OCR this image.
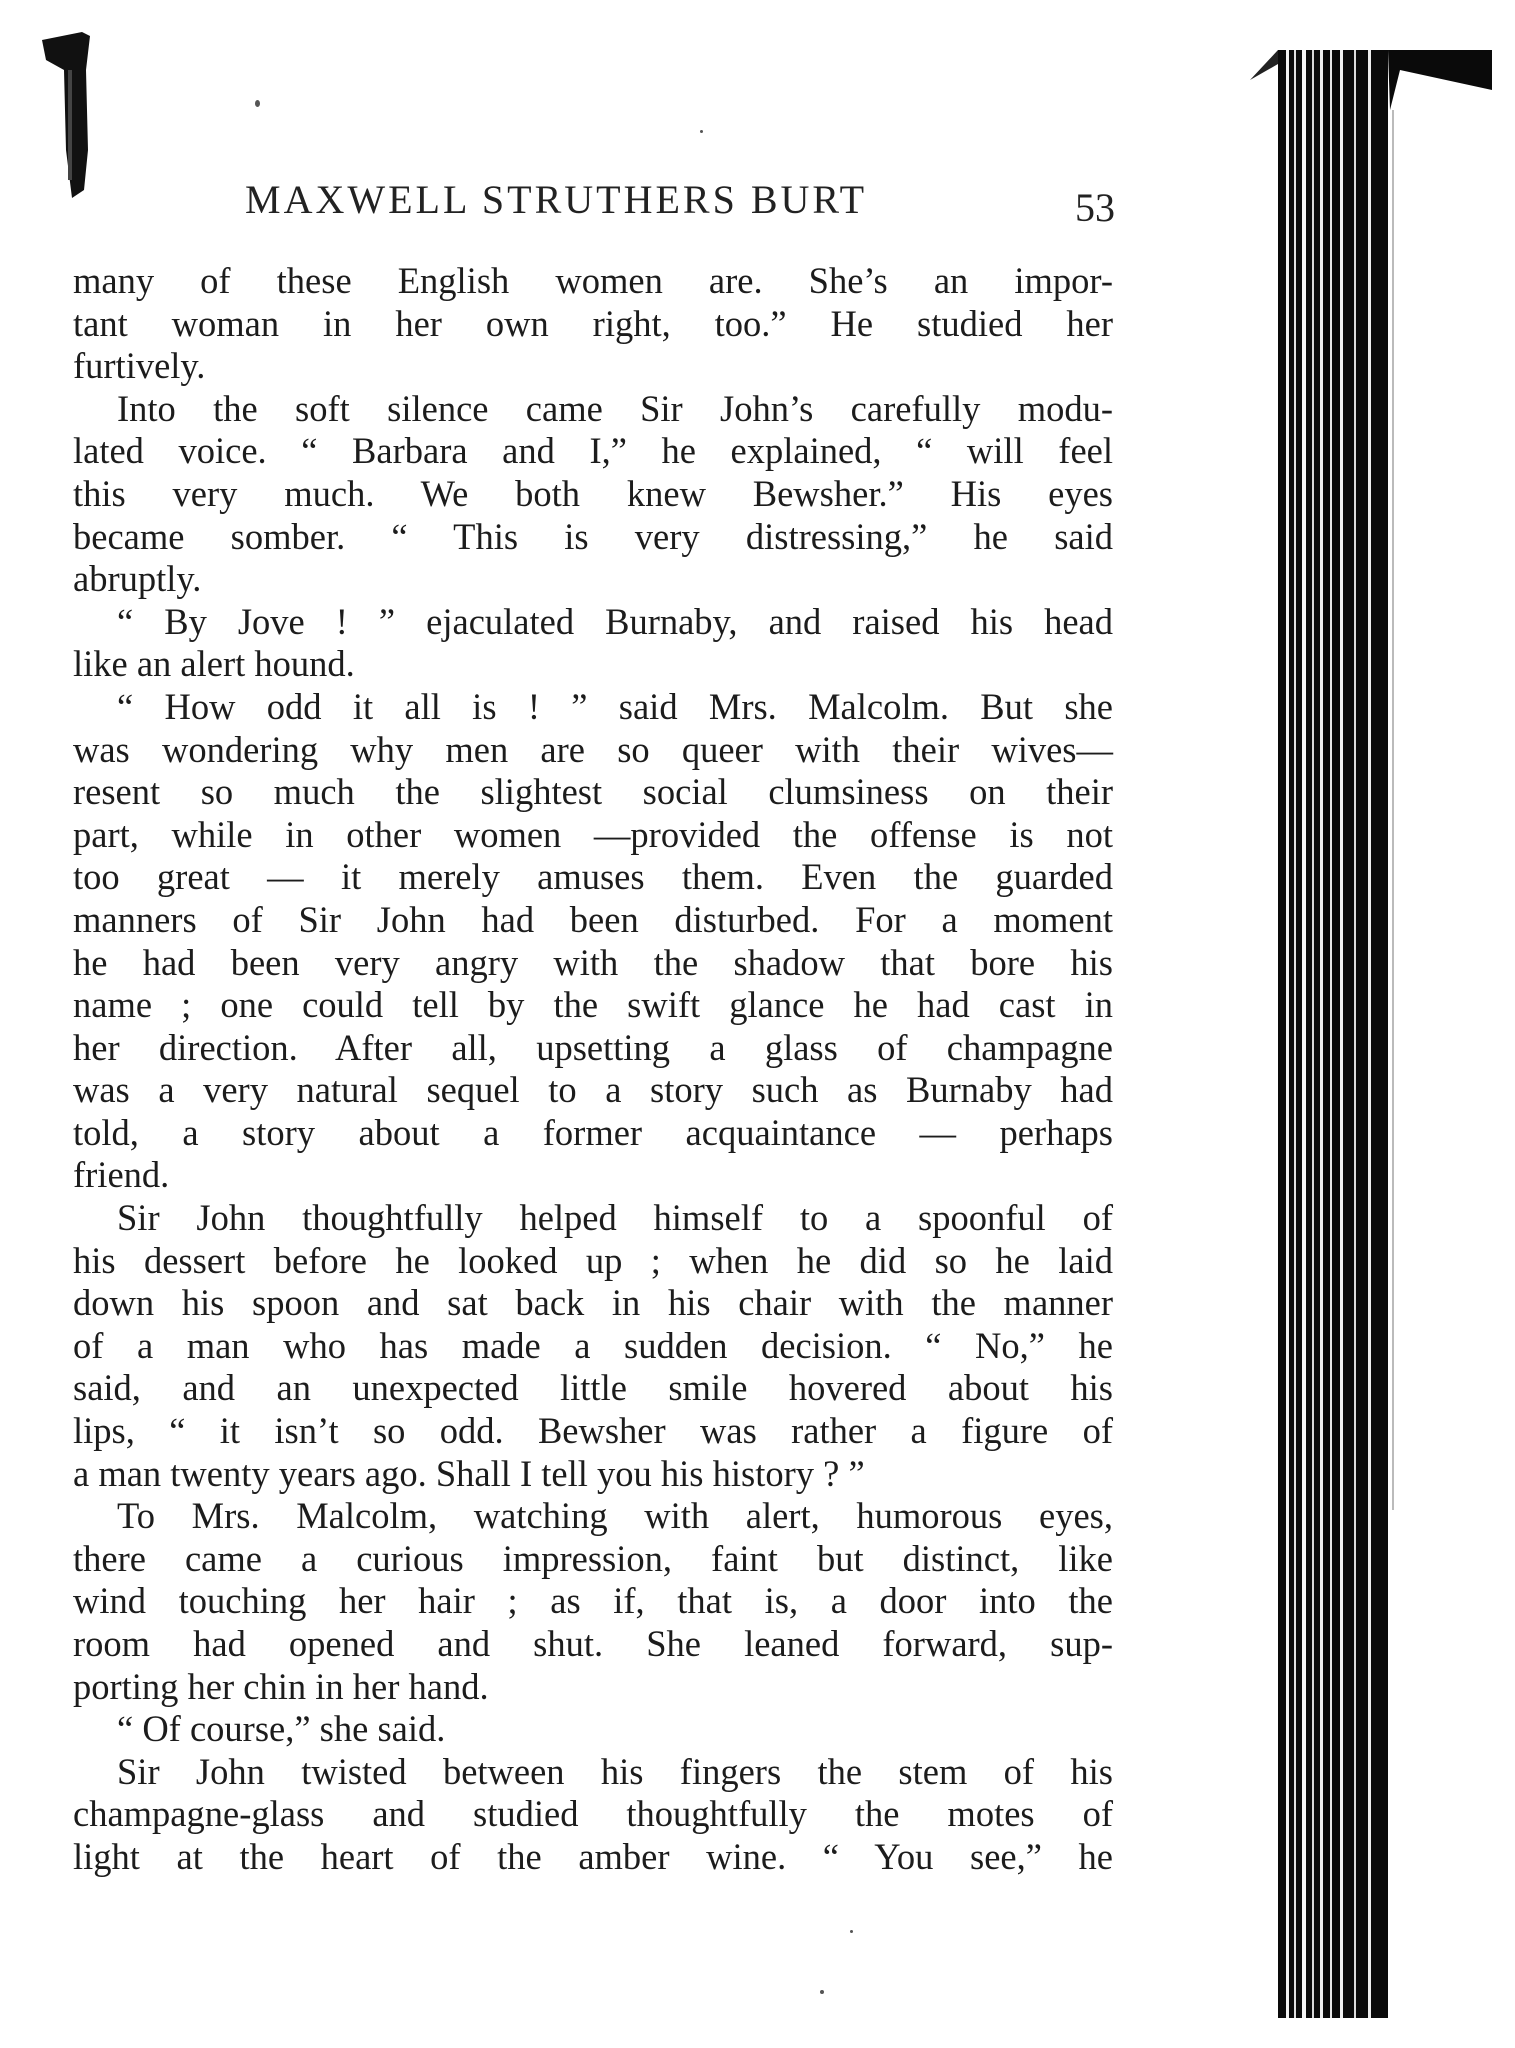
MAXWELL STRUTHERS BURT	53
many of these English women are. She’s an impor-
tant woman in her own right, too.” He studied her
furtively.
Into the soft silence came Sir John’s carefully modu-
lated voice. “ Barbara and I,” he explained, “ will feel
this very much. We both knew Bewsher.” His eyes
became somber. “ This is very distressing,” he said
abruptly.
“ By Jove ! ” ejaculated Burnaby, and raised his head
like an alert hound.
“ How odd it all is ! ” said Mrs. Malcolm. But she
was wondering why men are so queer with their wives—
resent so much the slightest social clumsiness on their
part, while in other women —provided the offense is not
too great — it merely amuses them. Even the guarded
manners of Sir John had been disturbed. For a moment
he had been very angry with the shadow that bore his
name ; one could tell by the swift glance he had cast in
her direction. After all, upsetting a glass of champagne
was a very natural sequel to a story such as Burnaby had
told, a story about a former acquaintance — perhaps
friend.
Sir John thoughtfully helped himself to a spoonful of
his dessert before he looked up ; when he did so he laid
down his spoon and sat back in his chair with the manner
of a man who has made a sudden decision. “ No,” he
said, and an unexpected little smile hovered about his
lips, “ it isn’t so odd. Bewsher was rather a figure of
a man twenty years ago. Shall I tell you his history ? ”
To Mrs. Malcolm, watching with alert, humorous eyes,
there came a curious impression, faint but distinct, like
wind touching her hair ; as if, that is, a door into the
room had opened and shut. She leaned forward, sup-
porting her chin in her hand.
“ Of course,” she said.
Sir John twisted between his fingers the stem of his
champagne-glass and studied thoughtfully the motes of
light at the heart of the amber wine. “ You see,” he
